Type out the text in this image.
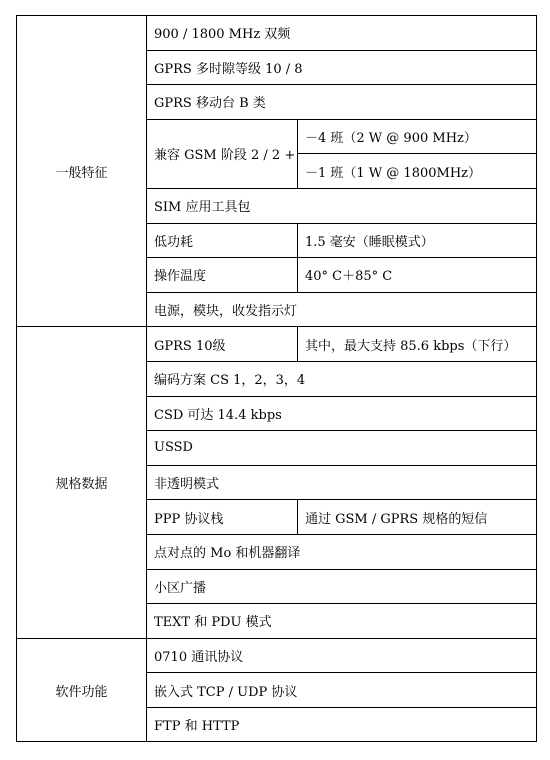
一般特征	900 / 1800 MHz 双频	
	GPRS 多时隙等级 10 / 8	
	GPRS 移动台 B 类	
	兼容 GSM 阶段 2 / 2 +	－4 班（2 W @ 900 MHz）
		－1 班（1 W @ 1800MHz）
	SIM 应用工具包	
	低功耗	1.5 毫安（睡眠模式）
	操作温度	40° C＋85° C
	电源，模块，收发指示灯	
规格数据	GPRS 10级	其中，最大支持 85.6 kbps（下行）
	编码方案 CS 1，2，3，4	
	CSD 可达 14.4 kbps	
	USSD	
	非透明模式	
	PPP 协议栈	通过 GSM / GPRS 规格的短信
	点对点的 Mo 和机器翻译	
	小区广播	
	TEXT 和 PDU 模式	
软件功能	0710 通讯协议	
	嵌入式 TCP / UDP 协议	
	FTP 和 HTTP	
